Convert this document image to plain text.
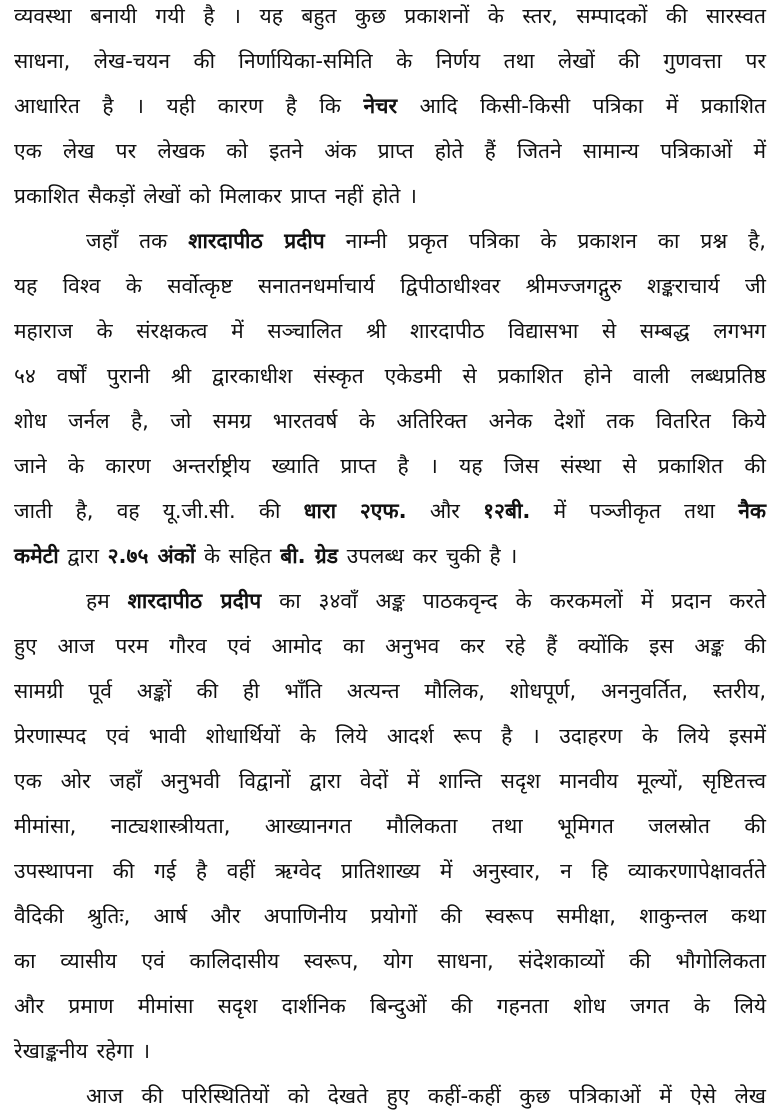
व्यवस्था बनायी गयी है । यह बहुत कुछ प्रकाशनों के स्तर, सम्पादकों की सारस्वत
साधना, लेख-चयन की निर्णायिका-समिति के निर्णय तथा लेखों की गुणवत्ता पर
आधारित है । यही कारण है कि नेचर आदि किसी-किसी पत्रिका में प्रकाशित
एक लेख पर लेखक को इतने अंक प्राप्त होते हैं जितने सामान्य पत्रिकाओं में
प्रकाशित सैकड़ों लेखों को मिलाकर प्राप्त नहीं होते ।
जहाँ तक शारदापीठ प्रदीप नाम्नी प्रकृत पत्रिका के प्रकाशन का प्रश्न है,
यह विश्व के सर्वोत्कृष्ट सनातनधर्माचार्य द्विपीठाधीश्वर श्रीमज्जगद्गुरु शङ्कराचार्य जी
महाराज के संरक्षकत्व में सञ्चालित श्री शारदापीठ विद्यासभा से सम्बद्ध लगभग
५४ वर्षों पुरानी श्री द्वारकाधीश संस्कृत एकेडमी से प्रकाशित होने वाली लब्धप्रतिष्ठ
शोध जर्नल है, जो समग्र भारतवर्ष के अतिरिक्त अनेक देशों तक वितरित किये
जाने के कारण अन्तर्राष्ट्रीय ख्याति प्राप्त है । यह जिस संस्था से प्रकाशित की
जाती है, वह यू.जी.सी. की धारा २एफ. और १२बी. में पञ्जीकृत तथा नैक
कमेटी द्वारा २.७५ अंकों के सहित बी. ग्रेड उपलब्ध कर चुकी है ।
हम शारदापीठ प्रदीप का ३४वाँ अङ्क पाठकवृन्द के करकमलों में प्रदान करते
हुए आज परम गौरव एवं आमोद का अनुभव कर रहे हैं क्योंकि इस अङ्क की
सामग्री पूर्व अङ्कों की ही भाँति अत्यन्त मौलिक, शोधपूर्ण, अननुवर्तित, स्तरीय,
प्रेरणास्पद एवं भावी शोधार्थियों के लिये आदर्श रूप है । उदाहरण के लिये इसमें
एक ओर जहाँ अनुभवी विद्वानों द्वारा वेदों में शान्ति सदृश मानवीय मूल्यों, सृष्टितत्त्व
मीमांसा, नाट्यशास्त्रीयता, आख्यानगत मौलिकता तथा भूमिगत जलस्रोत की
उपस्थापना की गई है वहीं ऋग्वेद प्रातिशाख्य में अनुस्वार, न हि व्याकरणापेक्षावर्तते
वैदिकी श्रुतिः, आर्ष और अपाणिनीय प्रयोगों की स्वरूप समीक्षा, शाकुन्तल कथा
का व्यासीय एवं कालिदासीय स्वरूप, योग साधना, संदेशकाव्यों की भौगोलिकता
और प्रमाण मीमांसा सदृश दार्शनिक बिन्दुओं की गहनता शोध जगत के लिये
रेखाङ्कनीय रहेगा ।
आज की परिस्थितियों को देखते हुए कहीं-कहीं कुछ पत्रिकाओं में ऐसे लेख
